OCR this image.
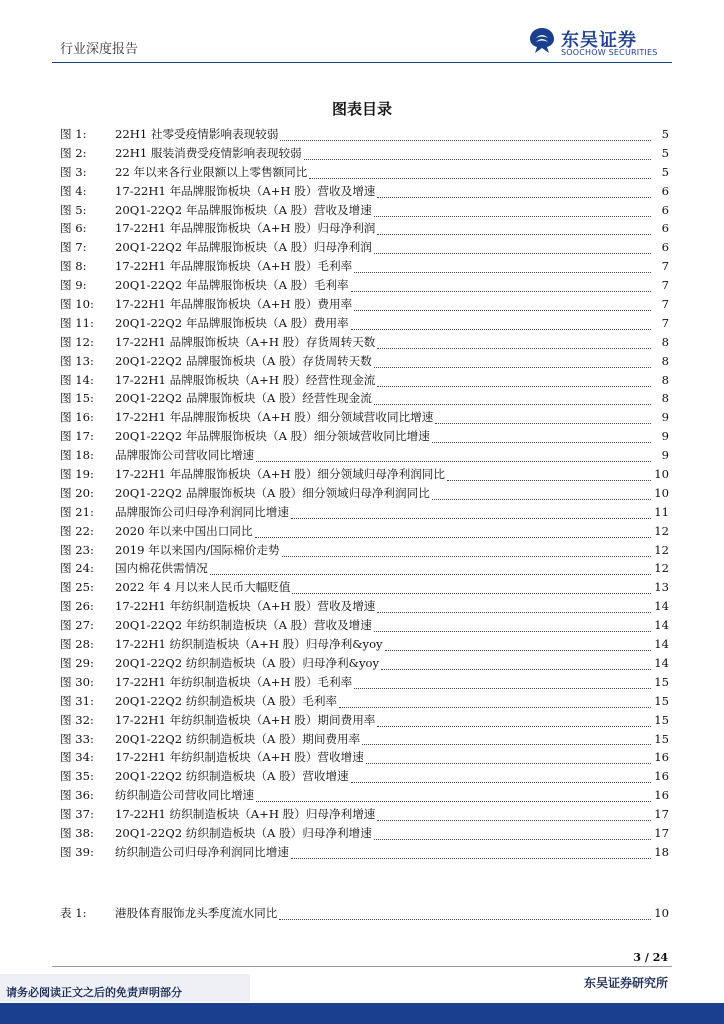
行业深度报告	东吴证券
SOOCHOW SECURITIES
图表目录
图 1:	22H1 社零受疫情影响表现较弱	5
图 2:	22H1 服装消费受疫情影响表现较弱	5
图 3:	22 年以来各行业限额以上零售额同比	5
图 4:	17-22H1 年品牌服饰板块（A+H 股）营收及增速	6
图 5:	20Q1-22Q2 年品牌服饰板块（A 股）营收及增速	6
图 6:	17-22H1 年品牌服饰板块（A+H 股）归母净利润	6
图 7:	20Q1-22Q2 年品牌服饰板块（A 股）归母净利润	6
图 8:	17-22H1 年品牌服饰板块（A+H 股）毛利率	7
图 9:	20Q1-22Q2 年品牌服饰板块（A 股）毛利率	7
图 10:	17-22H1 年品牌服饰板块（A+H 股）费用率	7
图 11:	20Q1-22Q2 年品牌服饰板块（A 股）费用率	7
图 12:	17-22H1 品牌服饰板块（A+H 股）存货周转天数	8
图 13:	20Q1-22Q2 品牌服饰板块（A 股）存货周转天数	8
图 14:	17-22H1 品牌服饰板块（A+H 股）经营性现金流	8
图 15:	20Q1-22Q2 品牌服饰板块（A 股）经营性现金流	8
图 16:	17-22H1 年品牌服饰板块（A+H 股）细分领域营收同比增速	9
图 17:	20Q1-22Q2 年品牌服饰板块（A 股）细分领域营收同比增速	9
图 18:	品牌服饰公司营收同比增速	9
图 19:	17-22H1 年品牌服饰板块（A+H 股）细分领域归母净利润同比	10
图 20:	20Q1-22Q2 品牌服饰板块（A 股）细分领域归母净利润同比	10
图 21:	品牌服饰公司归母净利润同比增速	11
图 22:	2020 年以来中国出口同比	12
图 23:	2019 年以来国内/国际棉价走势	12
图 24:	国内棉花供需情况	12
图 25:	2022 年 4 月以来人民币大幅贬值	13
图 26:	17-22H1 年纺织制造板块（A+H 股）营收及增速	14
图 27:	20Q1-22Q2 年纺织制造板块（A 股）营收及增速	14
图 28:	17-22H1 纺织制造板块（A+H 股）归母净利&yoy	14
图 29:	20Q1-22Q2 纺织制造板块（A 股）归母净利&yoy	14
图 30:	17-22H1 年纺织制造板块（A+H 股）毛利率	15
图 31:	20Q1-22Q2 纺织制造板块（A 股）毛利率	15
图 32:	17-22H1 年纺织制造板块（A+H 股）期间费用率	15
图 33:	20Q1-22Q2 纺织制造板块（A 股）期间费用率	15
图 34:	17-22H1 年纺织制造板块（A+H 股）营收增速	16
图 35:	20Q1-22Q2 纺织制造板块（A 股）营收增速	16
图 36:	纺织制造公司营收同比增速	16
图 37:	17-22H1 纺织制造板块（A+H 股）归母净利增速	17
图 38:	20Q1-22Q2 纺织制造板块（A 股）归母净利增速	17
图 39:	纺织制造公司归母净利润同比增速	18
表 1:	港股体育服饰龙头季度流水同比	10
3 / 24
请务必阅读正文之后的免责声明部分
东吴证券研究所
